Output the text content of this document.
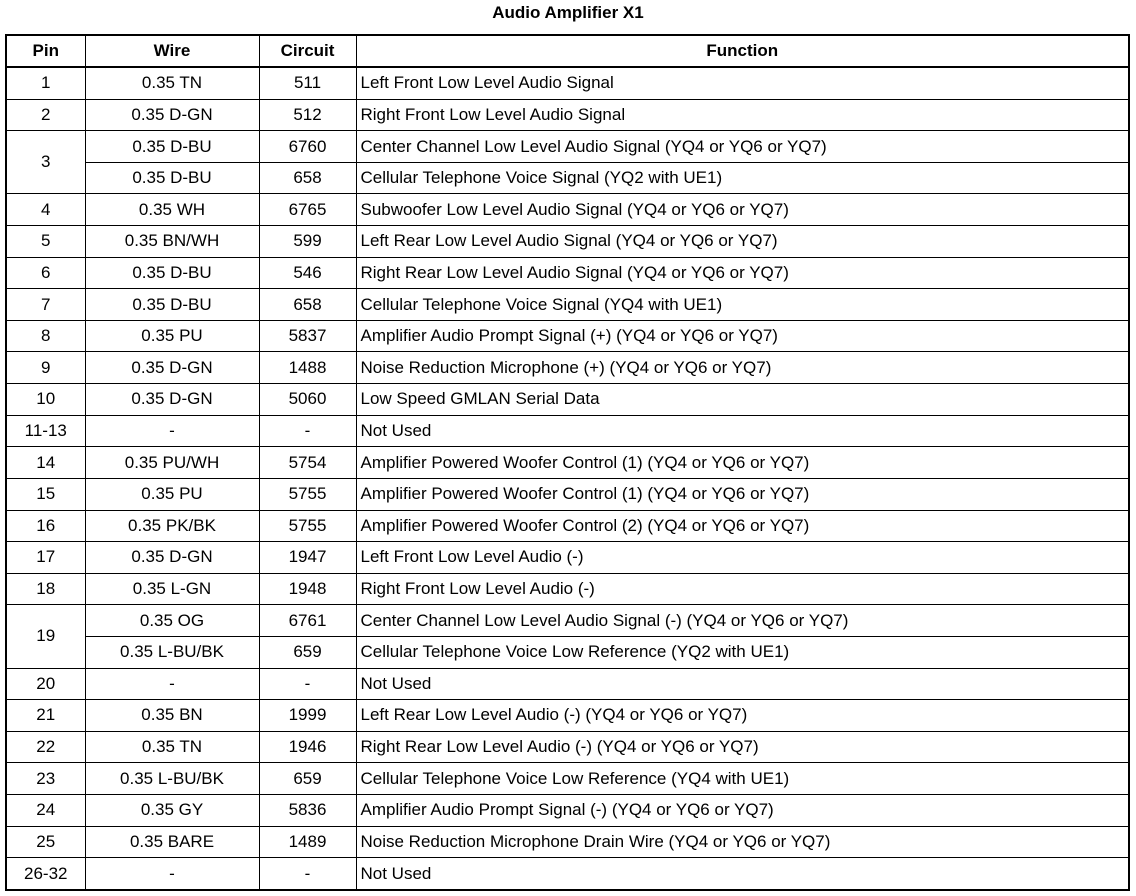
Audio Amplifier X1
Pin	Wire	Circuit	Function
1	0.35 TN	511	Left Front Low Level Audio Signal
2	0.35 D-GN	512	Right Front Low Level Audio Signal
3	0.35 D-BU	6760	Center Channel Low Level Audio Signal (YQ4 or YQ6 or YQ7)
	0.35 D-BU	658	Cellular Telephone Voice Signal (YQ2 with UE1)
4	0.35 WH	6765	Subwoofer Low Level Audio Signal (YQ4 or YQ6 or YQ7)
5	0.35 BN/WH	599	Left Rear Low Level Audio Signal (YQ4 or YQ6 or YQ7)
6	0.35 D-BU	546	Right Rear Low Level Audio Signal (YQ4 or YQ6 or YQ7)
7	0.35 D-BU	658	Cellular Telephone Voice Signal (YQ4 with UE1)
8	0.35 PU	5837	Amplifier Audio Prompt Signal (+) (YQ4 or YQ6 or YQ7)
9	0.35 D-GN	1488	Noise Reduction Microphone (+) (YQ4 or YQ6 or YQ7)
10	0.35 D-GN	5060	Low Speed GMLAN Serial Data
11-13	-	-	Not Used
14	0.35 PU/WH	5754	Amplifier Powered Woofer Control (1) (YQ4 or YQ6 or YQ7)
15	0.35 PU	5755	Amplifier Powered Woofer Control (1) (YQ4 or YQ6 or YQ7)
16	0.35 PK/BK	5755	Amplifier Powered Woofer Control (2) (YQ4 or YQ6 or YQ7)
17	0.35 D-GN	1947	Left Front Low Level Audio (-)
18	0.35 L-GN	1948	Right Front Low Level Audio (-)
19	0.35 OG	6761	Center Channel Low Level Audio Signal (-) (YQ4 or YQ6 or YQ7)
	0.35 L-BU/BK	659	Cellular Telephone Voice Low Reference (YQ2 with UE1)
20	-	-	Not Used
21	0.35 BN	1999	Left Rear Low Level Audio (-) (YQ4 or YQ6 or YQ7)
22	0.35 TN	1946	Right Rear Low Level Audio (-) (YQ4 or YQ6 or YQ7)
23	0.35 L-BU/BK	659	Cellular Telephone Voice Low Reference (YQ4 with UE1)
24	0.35 GY	5836	Amplifier Audio Prompt Signal (-) (YQ4 or YQ6 or YQ7)
25	0.35 BARE	1489	Noise Reduction Microphone Drain Wire (YQ4 or YQ6 or YQ7)
26-32	-	-	Not Used
